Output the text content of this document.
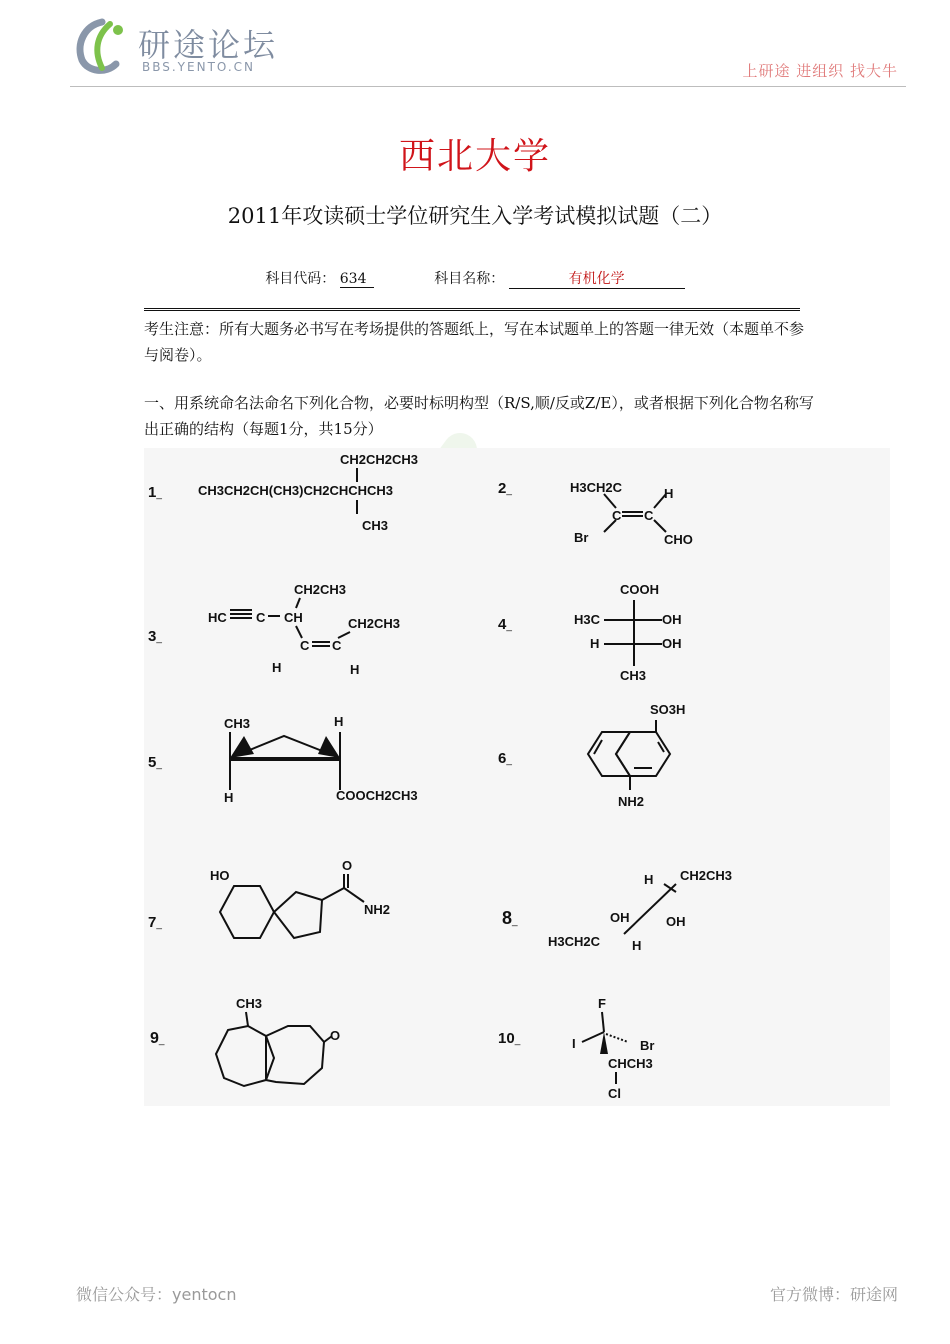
研途论坛
BBS.YENTO.CN	上研途 进组织 找大牛
西北大学
2011年攻读硕士学位研究生入学考试模拟试题（二）
科目代码： 634	科目名称：	有机化学
考生注意：所有大题务必书写在考场提供的答题纸上，写在本试题单上的答题一律无效（本题单不参与阅卷）。
一、用系统命名法命名下列化合物，必要时标明构型（R/S,顺/反或Z/E），或者根据下列化合物名称写出正确的结构（每题1分，共15分）
1 _
CH2CH2CH3
CH3CH2CH(CH3)CH2CHCHCH3
CH3
2 _	H3CH2C	H
C C
Br	CHO
3 _
CH2CH3
HC C CH	CH2CH3
C C
H	H
4 _
COOH
H3C	OH
H	OH
CH3
5 _
CH3	H
H	COOCH2CH3
6 _
SO3H
NH2
7 _
HO
O
NH2	8 _
H CH2CH3
OH	OH
H3CH2C H
9 _
CH3
O	10 _
F
I	Br
CHCH3
Cl
微信公众号：yentocn	官方微博：研途网
